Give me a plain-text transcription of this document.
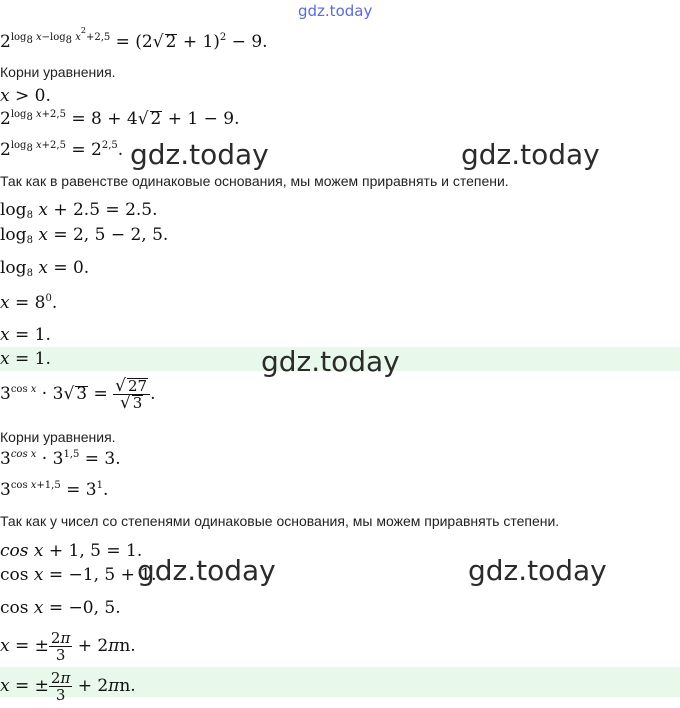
gdz.today
$2^{log_8 x-log_8 x^2+2,5} = (2√$ 2 + 1)$^2$ − 9.
Корни уравнения.
x > 0.
$2^{log_8 x+2,5} = 8 + 4√$ 2 + 1 − 9.
$2^{log_8 x+2,5} = 2^{2,5}$.
Так как в равенстве одинаковые основания, мы можем приравнять и степени.
$\log_8 x + 2.5 = 2.5$.
$\log_8 x = 2$, 5 − 2, 5.
$\log_8 x = 0$.
$x = 8^0$.
x = 1.
x = 1.
$3^{cos x} \cdot 3√$ $3 = \frac{√ 27}{√ 3}$ .
Корни уравнения.
$3^{cos x} \cdot 3^{1,5} = 3$.
$3^{cos x+1,5} = 3^1$.
Так как у чисел со степенями одинаковые основания, мы можем приравнять степени.
cos x + 1, 5 = 1.
cos x = −1, 5 + 1.
cos x = −0, 5.
x = ± $\frac{2\pi}{3} + 2\pi n$.
x = ± $\frac{2\pi}{3} + 2\pi n$.
gdz.today	gdz.today
gdz.today
gdz.today	gdz.today
